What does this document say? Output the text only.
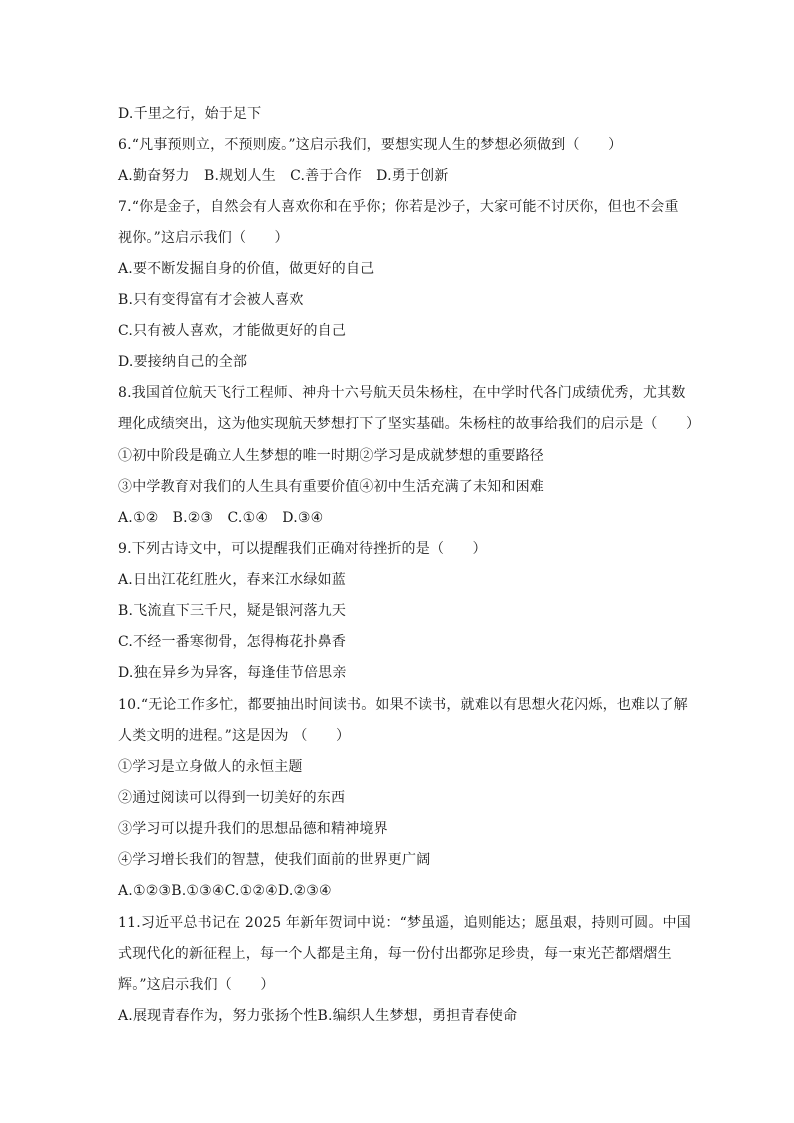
D.千里之行，始于足下
6.“凡事预则立，不预则废。”这启示我们，要想实现人生的梦想必须做到（　　）
A.勤奋努力　B.规划人生　C.善于合作　D.勇于创新
7.“你是金子，自然会有人喜欢你和在乎你；你若是沙子，大家可能不讨厌你，但也不会重
视你。”这启示我们（　　）
A.要不断发掘自身的价值，做更好的自己
B.只有变得富有才会被人喜欢
C.只有被人喜欢，才能做更好的自己
D.要接纳自己的全部
8.我国首位航天飞行工程师、神舟十六号航天员朱杨柱，在中学时代各门成绩优秀，尤其数
理化成绩突出，这为他实现航天梦想打下了坚实基础。朱杨柱的故事给我们的启示是（　　）
①初中阶段是确立人生梦想的唯一时期②学习是成就梦想的重要路径
③中学教育对我们的人生具有重要价值④初中生活充满了未知和困难
A.①②　B.②③　C.①④　D.③④
9.下列古诗文中，可以提醒我们正确对待挫折的是（　　）
A.日出江花红胜火，春来江水绿如蓝
B.飞流直下三千尺，疑是银河落九天
C.不经一番寒彻骨，怎得梅花扑鼻香
D.独在异乡为异客，每逢佳节倍思亲
10.“无论工作多忙，都要抽出时间读书。如果不读书，就难以有思想火花闪烁，也难以了解
人类文明的进程。”这是因为 （　　）
①学习是立身做人的永恒主题
②通过阅读可以得到一切美好的东西
③学习可以提升我们的思想品德和精神境界
④学习增长我们的智慧，使我们面前的世界更广阔
A.①②③B.①③④C.①②④D.②③④
11.习近平总书记在 2025 年新年贺词中说：“梦虽遥，追则能达；愿虽艰，持则可圆。中国
式现代化的新征程上，每一个人都是主角，每一份付出都弥足珍贵，每一束光芒都熠熠生
辉。”这启示我们（　　）
A.展现青春作为，努力张扬个性B.编织人生梦想，勇担青春使命
